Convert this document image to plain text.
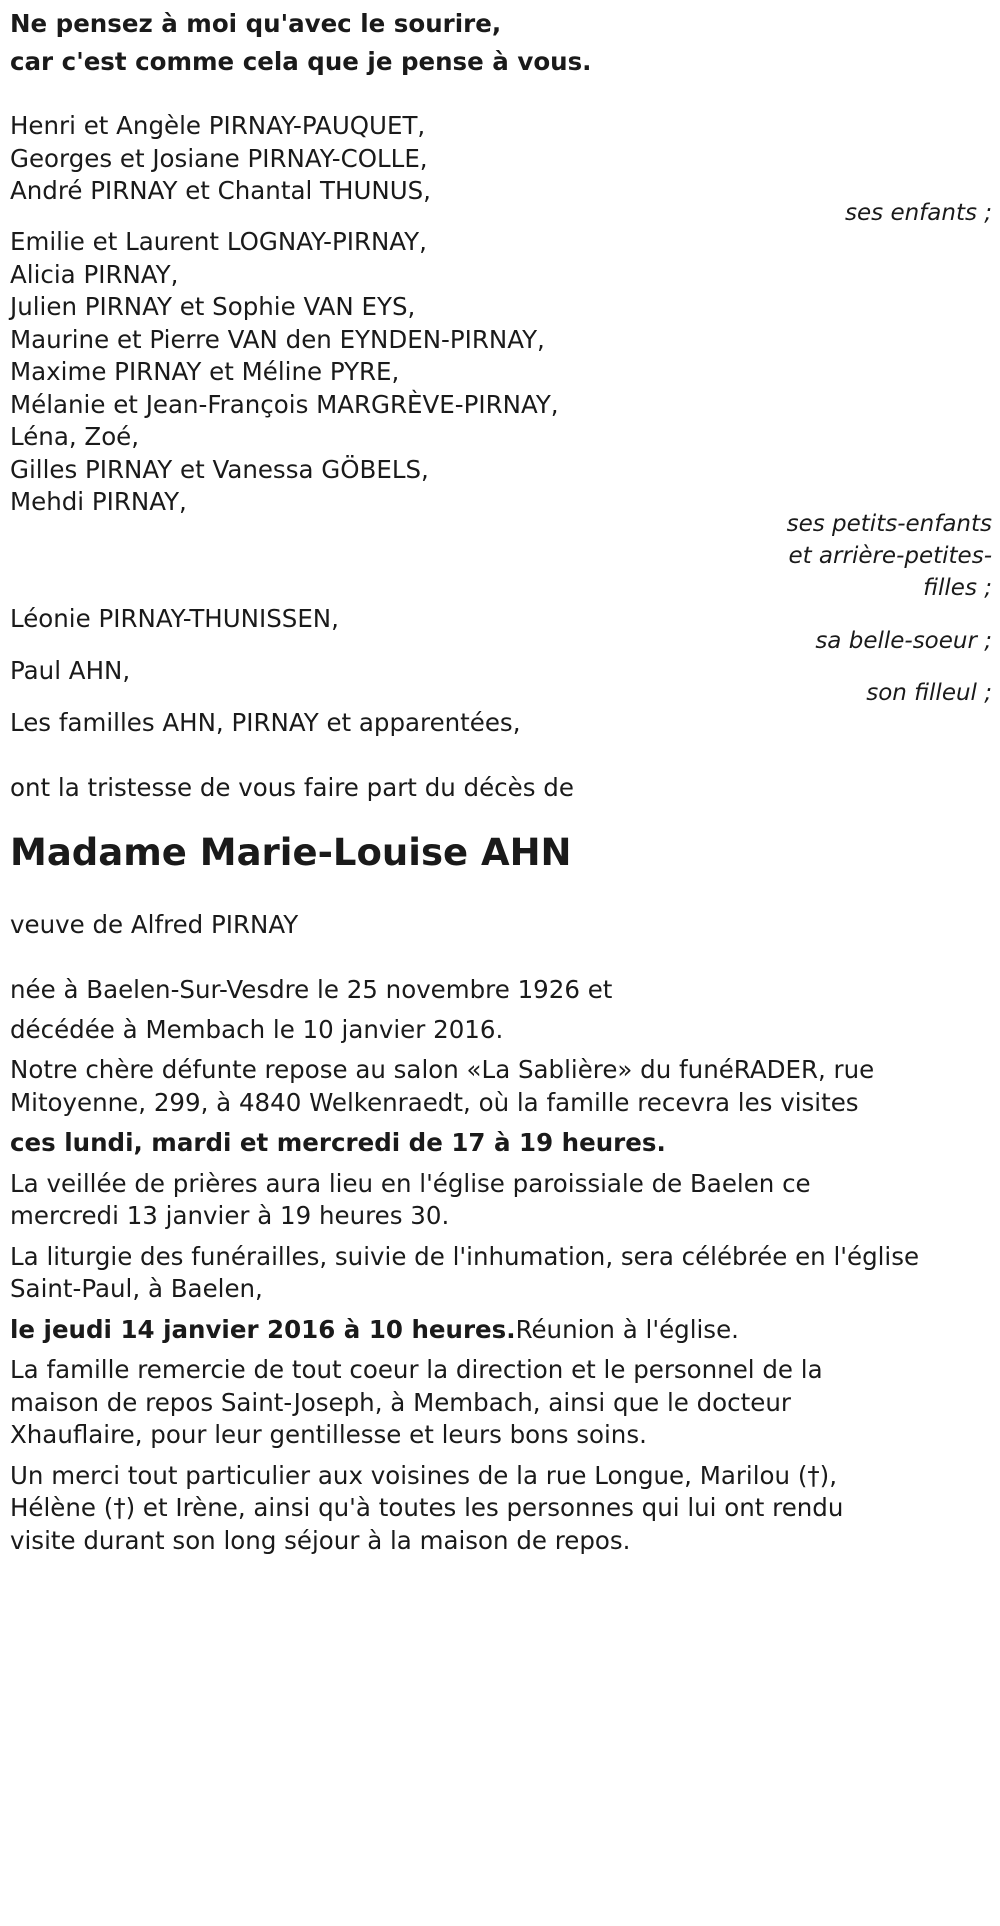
Ne pensez à moi qu'avec le sourire,
car c'est comme cela que je pense à vous.
Henri et Angèle PIRNAY-PAUQUET,
Georges et Josiane PIRNAY-COLLE,
André PIRNAY et Chantal THUNUS,
ses enfants ;
Emilie et Laurent LOGNAY-PIRNAY,
Alicia PIRNAY,
Julien PIRNAY et Sophie VAN EYS,
Maurine et Pierre VAN den EYNDEN-PIRNAY,
Maxime PIRNAY et Méline PYRE,
Mélanie et Jean-François MARGRÈVE-PIRNAY,
Léna, Zoé,
Gilles PIRNAY et Vanessa GÖBELS,
Mehdi PIRNAY,
ses petits-enfants
et arrière-petites-
filles ;
Léonie PIRNAY-THUNISSEN,
sa belle-soeur ;
Paul AHN,
son filleul ;
Les familles AHN, PIRNAY et apparentées,
ont la tristesse de vous faire part du décès de
Madame Marie-Louise AHN
veuve de Alfred PIRNAY
née à Baelen-Sur-Vesdre le 25 novembre 1926 et
décédée à Membach le 10 janvier 2016.
Notre chère défunte repose au salon «La Sablière» du funéRADER, rue
Mitoyenne, 299, à 4840 Welkenraedt, où la famille recevra les visites
ces lundi, mardi et mercredi de 17 à 19 heures.
La veillée de prières aura lieu en l'église paroissiale de Baelen ce
mercredi 13 janvier à 19 heures 30.
La liturgie des funérailles, suivie de l'inhumation, sera célébrée en l'église
Saint-Paul, à Baelen,
le jeudi 14 janvier 2016 à 10 heures.Réunion à l'église.
La famille remercie de tout coeur la direction et le personnel de la
maison de repos Saint-Joseph, à Membach, ainsi que le docteur
Xhauflaire, pour leur gentillesse et leurs bons soins.
Un merci tout particulier aux voisines de la rue Longue, Marilou (†),
Hélène (†) et Irène, ainsi qu'à toutes les personnes qui lui ont rendu
visite durant son long séjour à la maison de repos.
